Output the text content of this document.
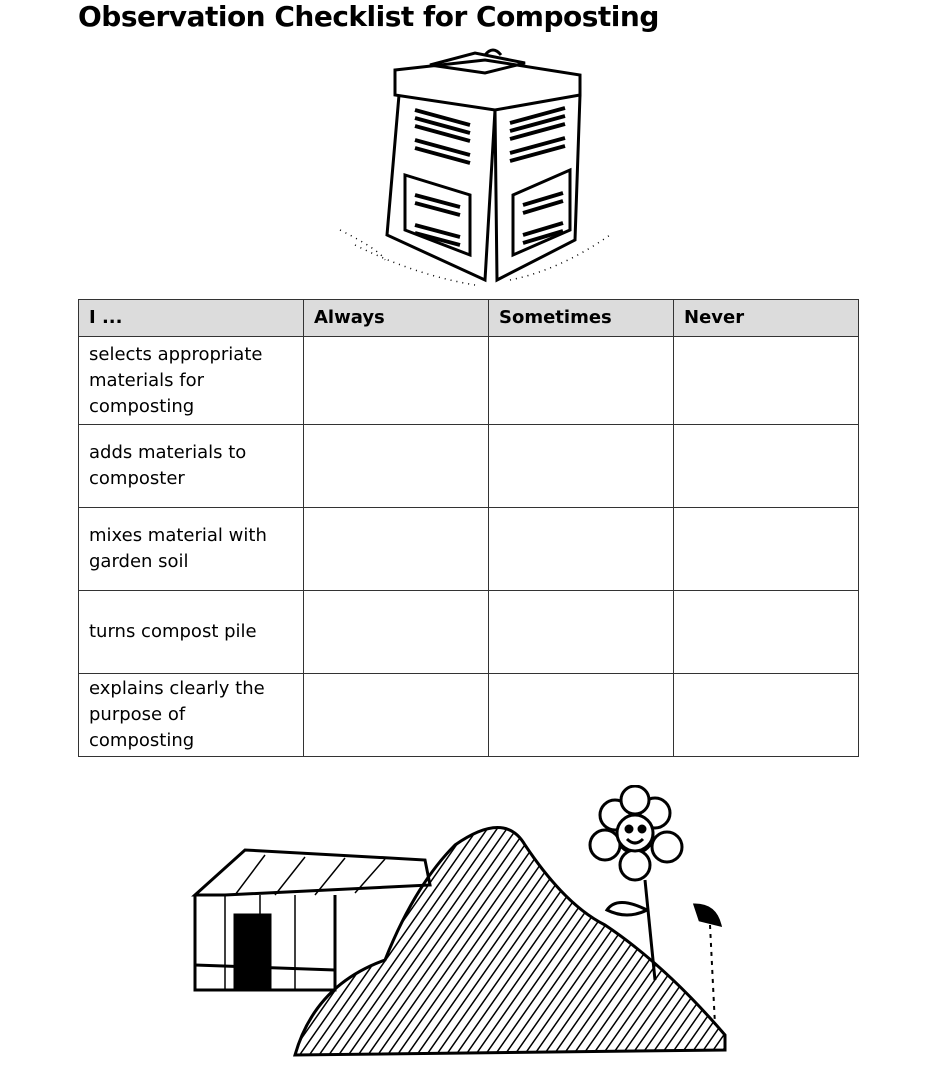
Observation Checklist for Composting
I ...	Always	Sometimes	Never
selects appropriate materials for composting			
adds materials to composter			
mixes material with garden soil			
turns compost pile			
explains clearly the purpose of composting			
